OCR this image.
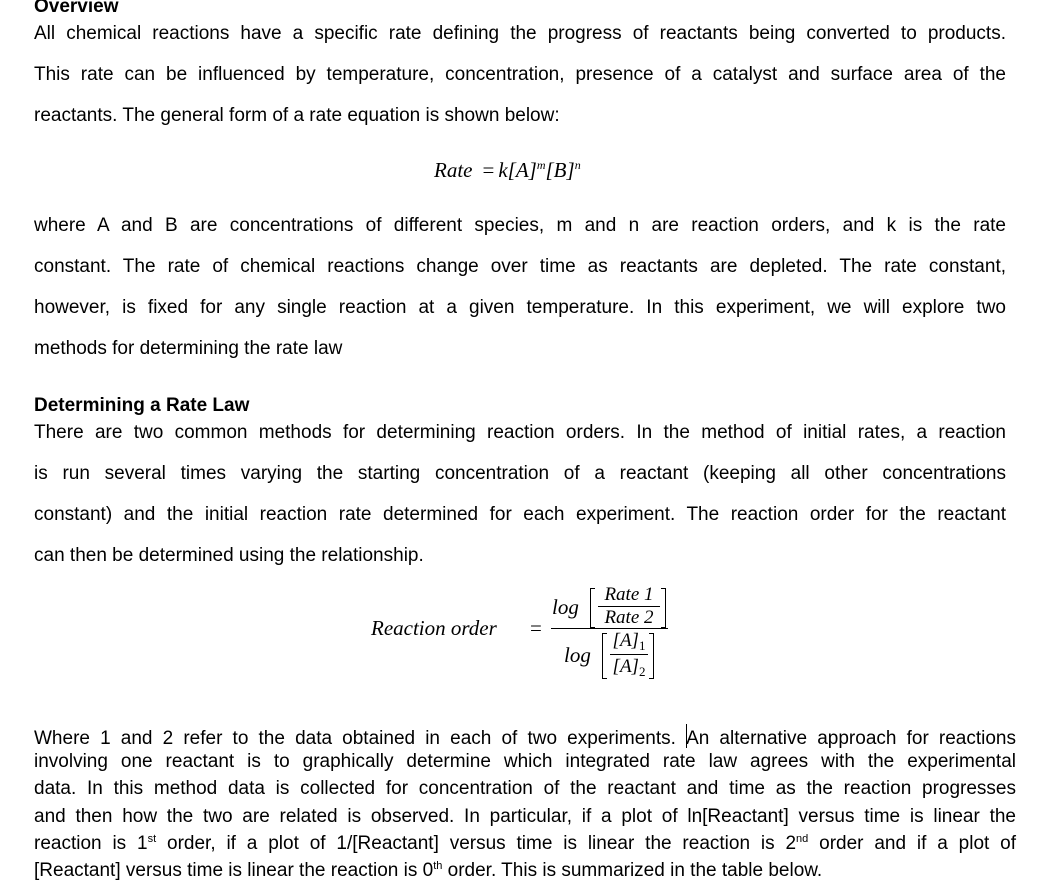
Overview
All chemical reactions have a specific rate defining the progress of reactants being converted to products.
This rate can be influenced by temperature, concentration, presence of a catalyst and surface area of the
reactants. The general form of a rate equation is shown below:
Rate = $k[A]^m[B]^n$
where A and B are concentrations of different species, m and n are reaction orders, and k is the rate
constant. The rate of chemical reactions change over time as reactants are depleted. The rate constant,
however, is fixed for any single reaction at a given temperature. In this experiment, we will explore two
methods for determining the rate law
Determining a Rate Law
There are two common methods for determining reaction orders. In the method of initial rates, a reaction
is run several times varying the starting concentration of a reactant (keeping all other concentrations
constant) and the initial reaction rate determined for each experiment. The reaction order for the reactant
can then be determined using the relationship.
Reaction order =
log
Rate 1
Rate 2
log
$[A]_1$
$[A]_2$
Where 1 and 2 refer to the data obtained in each of two experiments. An alternative approach for reactions
involving one reactant is to graphically determine which integrated rate law agrees with the experimental
data. In this method data is collected for concentration of the reactant and time as the reaction progresses
and then how the two are related is observed. In particular, if a plot of ln[Reactant] versus time is linear the
reaction is 1st order, if a plot of 1/[Reactant] versus time is linear the reaction is 2nd order and if a plot of
[Reactant] versus time is linear the reaction is 0th order. This is summarized in the table below.
